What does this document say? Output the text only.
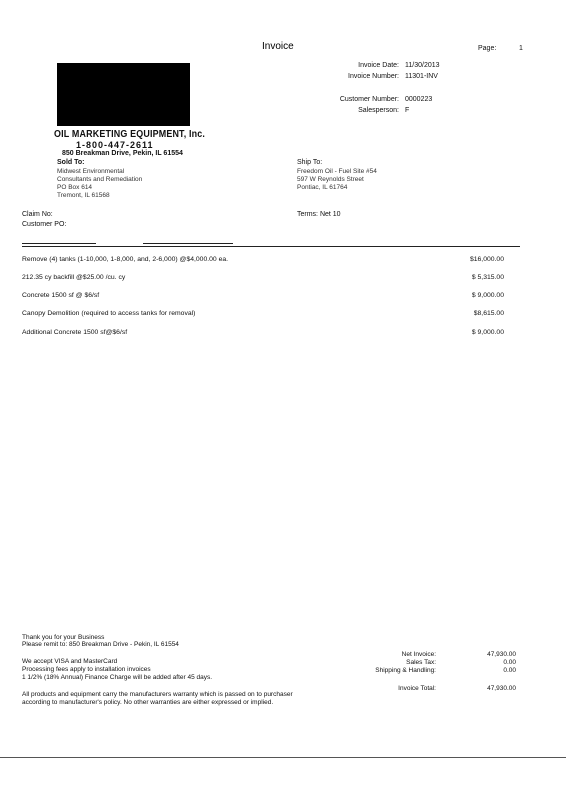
Invoice	Page:	1
OIL MARKETING EQUIPMENT, Inc.
1-800-447-2611
850 Breakman Drive, Pekin, IL 61554
Invoice Date: 11/30/2013
Invoice Number: 11301-INV
Customer Number: 0000223
Salesperson: F
Sold To:
Midwest Environmental
Consultants and Remediation
PO Box 614
Tremont, IL 61568
Ship To:
Freedom Oil - Fuel Site #54
597 W Reynolds Street
Pontiac, IL 61764
Claim No:
Customer PO:
Terms: Net 10
Remove (4) tanks (1-10,000, 1-8,000, and, 2-6,000) @$4,000.00 ea.	$16,000.00
212.35 cy backfill @$25.00 /cu. cy	$ 5,315.00
Concrete 1500 sf @ $6/sf	$ 9,000.00
Canopy Demolition (required to access tanks for removal)	$8,615.00
Additional Concrete 1500 sf@$6/sf	$ 9,000.00
Thank you for your Business
Please remit to: 850 Breakman Drive - Pekin, IL 61554
We accept VISA and MasterCard
Processing fees apply to installation invoices
1 1/2% (18% Annual) Finance Charge will be added after 45 days.
All products and equipment carry the manufacturers warranty which is passed on to purchaser
according to manufacturer's policy. No other warranties are either expressed or implied.
Net Invoice:	47,930.00
Sales Tax:	0.00
Shipping & Handling:	0.00
Invoice Total:	47,930.00
